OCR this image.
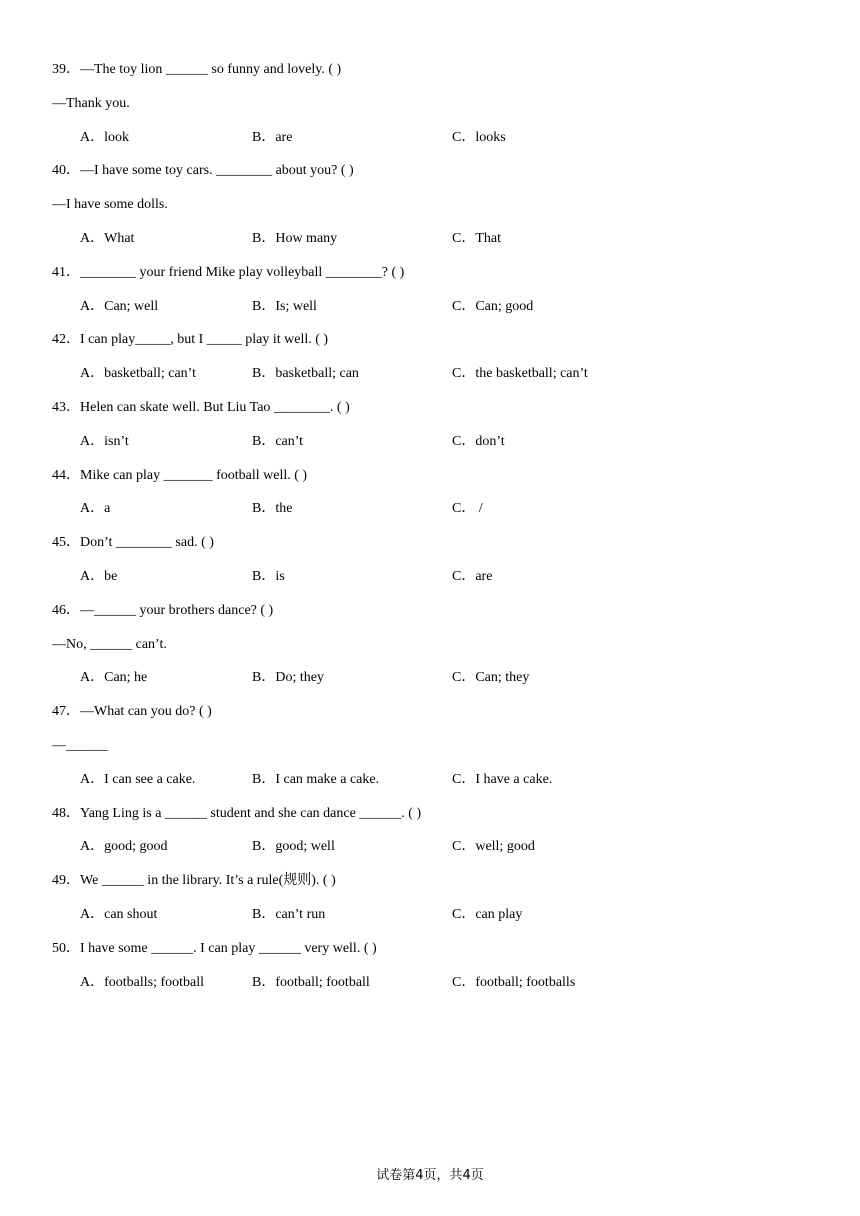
39．—The toy lion ______ so funny and lovely. ( )
—Thank you.
A．look	B．are	C．looks
40．—I have some toy cars. ________ about you? ( )
—I have some dolls.
A．What	B．How many	C．That
41．________ your friend Mike play volleyball ________? ( )
A．Can; well	B．Is; well	C．Can; good
42．I can play_____, but I _____ play it well. ( )
A．basketball; can’t	B．basketball; can	C．the basketball; can’t
43．Helen can skate well. But Liu Tao ________. ( )
A．isn’t	B．can’t	C．don’t
44．Mike can play _______ football well. ( )
A．a	B．the	C． /
45．Don’t ________ sad. ( )
A．be	B．is	C．are
46．—______ your brothers dance? ( )
—No, ______ can’t.
A．Can; he	B．Do; they	C．Can; they
47．—What can you do? ( )
—______
A．I can see a cake.	B．I can make a cake.	C．I have a cake.
48．Yang Ling is a ______ student and she can dance ______. ( )
A．good; good	B．good; well	C．well; good
49．We ______ in the library. It’s a rule(规则). ( )
A．can shout	B．can’t run	C．can play
50．I have some ______. I can play ______ very well. ( )
A．footballs; football	B．football; football	C．football; footballs
试卷第4页，共4页
